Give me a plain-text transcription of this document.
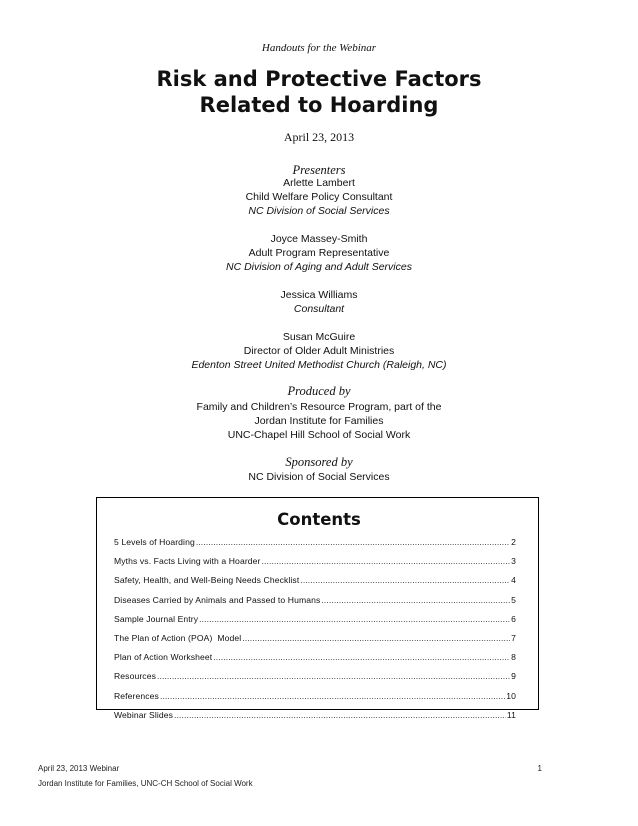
Handouts for the Webinar
Risk and Protective Factors
Related to Hoarding
April 23, 2013
Presenters
Arlette Lambert
Child Welfare Policy Consultant
NC Division of Social Services
Joyce Massey-Smith
Adult Program Representative
NC Division of Aging and Adult Services
Jessica Williams
Consultant
Susan McGuire
Director of Older Adult Ministries
Edenton Street United Methodist Church (Raleigh, NC)
Produced by
Family and Children’s Resource Program, part of the
Jordan Institute for Families
UNC-Chapel Hill School of Social Work
Sponsored by
NC Division of Social Services
Contents
5 Levels of Hoarding .....	2
Myths vs. Facts Living with a Hoarder .....	3
Safety, Health, and Well-Being Needs Checklist .....	4
Diseases Carried by Animals and Passed to Humans .....	5
Sample Journal Entry .....	6
The Plan of Action (POA)  Model .....	7
Plan of Action Worksheet .....	8
Resources .....	9
References .....	10
Webinar Slides .....	11
April 23, 2013 Webinar
Jordan Institute for Families, UNC-CH School of Social Work
1
